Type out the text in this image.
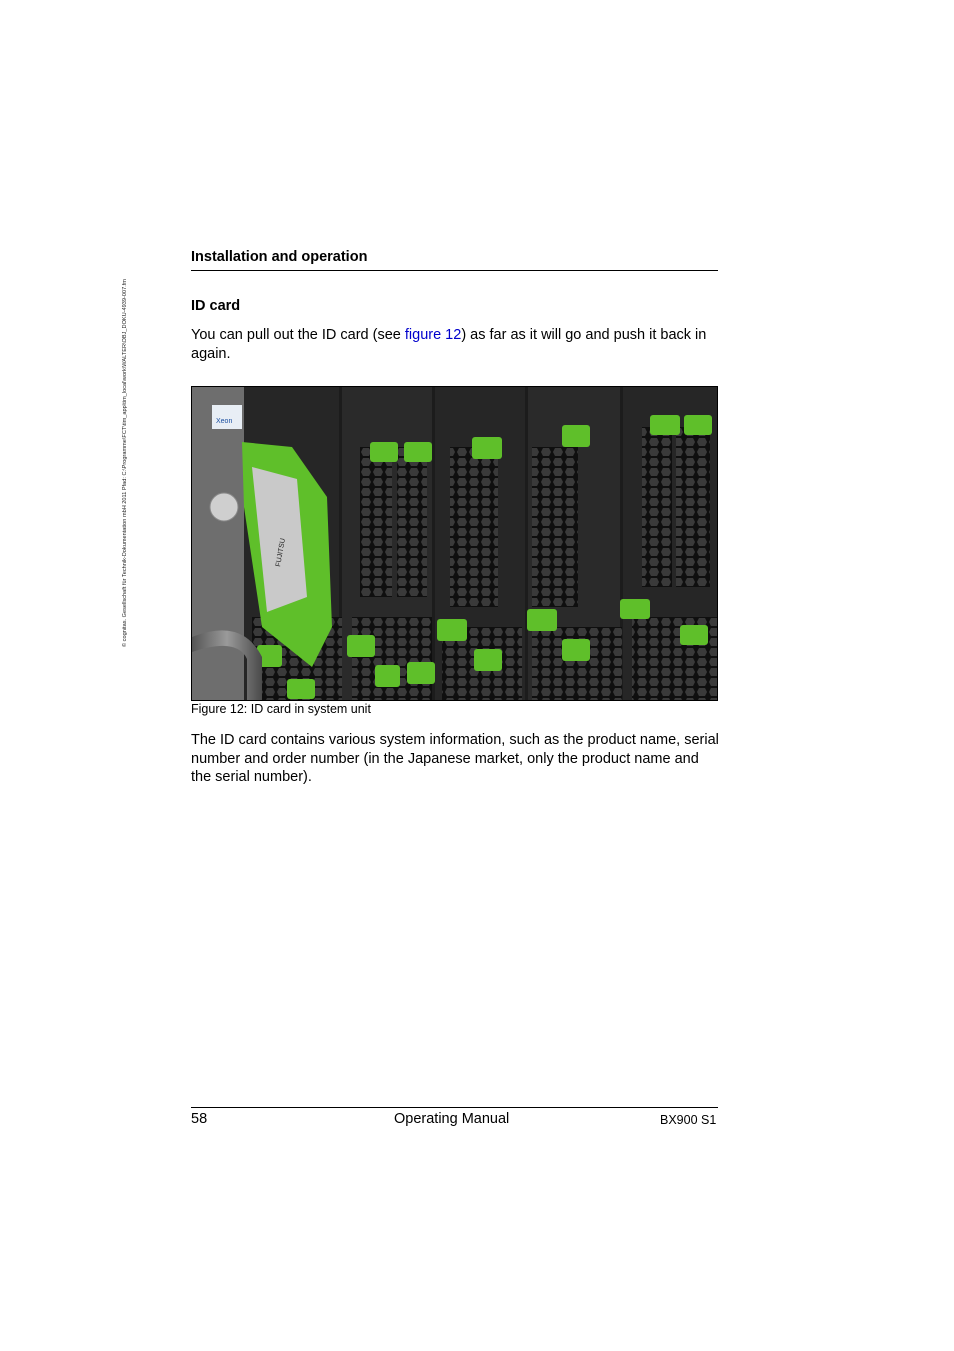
© cognitas. Gesellschaft für Technik-Dokumentation mbH 2011 Pfad: C:\Programme\FCT\tim_app\tim_local\work\WALTER\OBJ_DOKU-4939-007.fm
Installation and operation
ID card
You can pull out the ID card (see figure 12) as far as it will go and push it back in again.
Xeon
FUJITSU
Figure 12: ID card in system unit
The ID card contains various system information, such as the product name, serial number and order number (in the Japanese market, only the product name and the serial number).
58	Operating Manual	BX900 S1
